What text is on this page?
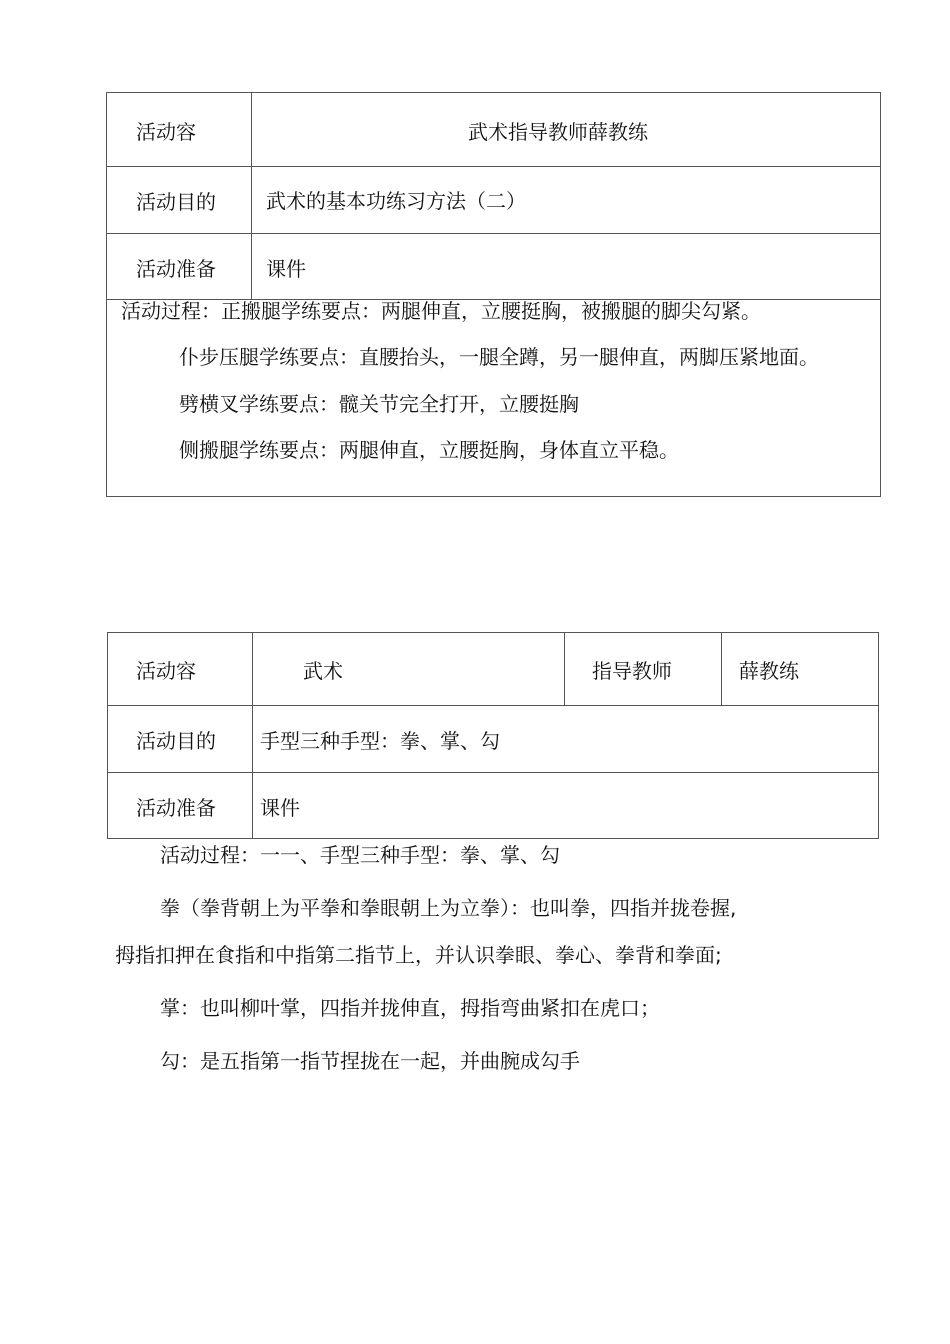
活动容	武术指导教师薛教练
活动目的	武术的基本功练习方法（二）
活动准备	课件
活动过程：正搬腿学练要点：两腿伸直，立腰挺胸，被搬腿的脚尖勾紧。
仆步压腿学练要点：直腰抬头，一腿全蹲，另一腿伸直，两脚压紧地面。
劈横叉学练要点：髋关节完全打开，立腰挺胸
侧搬腿学练要点：两腿伸直，立腰挺胸，身体直立平稳。
活动容	武术	指导教师	薛教练
活动目的 手型三种手型：拳、掌、勾
活动准备 课件
活动过程：一一、手型三种手型：拳、掌、勾
拳（拳背朝上为平拳和拳眼朝上为立拳）：也叫拳，四指并拢卷握,
拇指扣押在食指和中指第二指节上，并认识拳眼、拳心、拳背和拳面;
掌：也叫柳叶掌，四指并拢伸直，拇指弯曲紧扣在虎口；
勾：是五指第一指节捏拢在一起，并曲腕成勾手
